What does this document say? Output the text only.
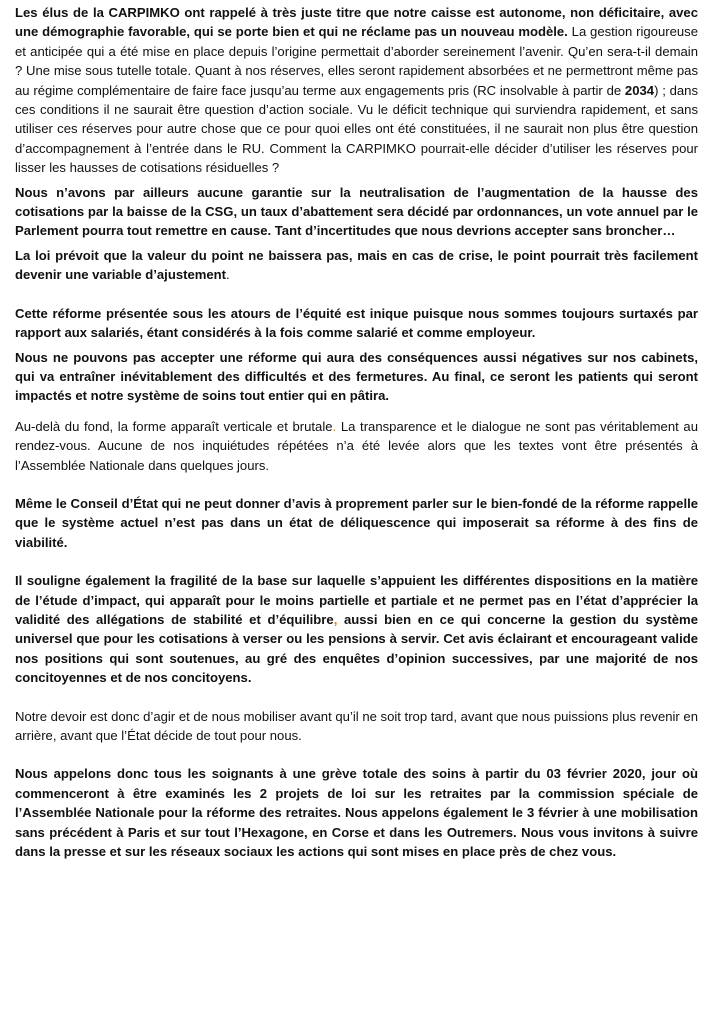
Les élus de la CARPIMKO ont rappelé à très juste titre que notre caisse est autonome, non déficitaire, avec une démographie favorable, qui se porte bien et qui ne réclame pas un nouveau modèle. La gestion rigoureuse et anticipée qui a été mise en place depuis l’origine permettait d’aborder sereinement l’avenir. Qu’en sera-t-il demain ? Une mise sous tutelle totale. Quant à nos réserves, elles seront rapidement absorbées et ne permettront même pas au régime complémentaire de faire face jusqu’au terme aux engagements pris (RC insolvable à partir de 2034) ; dans ces conditions il ne saurait être question d’action sociale. Vu le déficit technique qui surviendra rapidement, et sans utiliser ces réserves pour autre chose que ce pour quoi elles ont été constituées, il ne saurait non plus être question d’accompagnement à l’entrée dans le RU. Comment la CARPIMKO pourrait-elle décider d’utiliser les réserves pour lisser les hausses de cotisations résiduelles ?

Nous n’avons par ailleurs aucune garantie sur la neutralisation de l’augmentation de la hausse des cotisations par la baisse de la CSG, un taux d’abattement sera décidé par ordonnances, un vote annuel par le Parlement pourra tout remettre en cause. Tant d’incertitudes que nous devrions accepter sans broncher…

La loi prévoit que la valeur du point ne baissera pas, mais en cas de crise, le point pourrait très facilement devenir une variable d’ajustement.

Cette réforme présentée sous les atours de l’équité est inique puisque nous sommes toujours surtaxés par rapport aux salariés, étant considérés à la fois comme salarié et comme employeur.

Nous ne pouvons pas accepter une réforme qui aura des conséquences aussi négatives sur nos cabinets, qui va entraîner inévitablement des difficultés et des fermetures. Au final, ce seront les patients qui seront impactés et notre système de soins tout entier qui en pâtira.

Au-delà du fond, la forme apparaît verticale et brutale. La transparence et le dialogue ne sont pas véritablement au rendez-vous. Aucune de nos inquiétudes répétées n’a été levée alors que les textes vont être présentés à l’Assemblée Nationale dans quelques jours.

Même le Conseil d’État qui ne peut donner d’avis à proprement parler sur le bien-fondé de la réforme rappelle que le système actuel n’est pas dans un état de déliquescence qui imposerait sa réforme à des fins de viabilité.

Il souligne également la fragilité de la base sur laquelle s’appuient les différentes dispositions en la matière de l’étude d’impact, qui apparaît pour le moins partielle et partiale et ne permet pas en l’état d’apprécier la validité des allégations de stabilité et d’équilibre, aussi bien en ce qui concerne la gestion du système universel que pour les cotisations à verser ou les pensions à servir. Cet avis éclairant et encourageant valide nos positions qui sont soutenues, au gré des enquêtes d’opinion successives, par une majorité de nos concitoyennes et de nos concitoyens.

Notre devoir est donc d’agir et de nous mobiliser avant qu’il ne soit trop tard, avant que nous puissions plus revenir en arrière, avant que l’État décide de tout pour nous.

Nous appelons donc tous les soignants à une grève totale des soins à partir du 03 février 2020, jour où commenceront à être examinés les 2 projets de loi sur les retraites par la commission spéciale de l’Assemblée Nationale pour la réforme des retraites. Nous appelons également le 3 février à une mobilisation sans précédent à Paris et sur tout l’Hexagone, en Corse et dans les Outremers. Nous vous invitons à suivre dans la presse et sur les réseaux sociaux les actions qui sont mises en place près de chez vous.
